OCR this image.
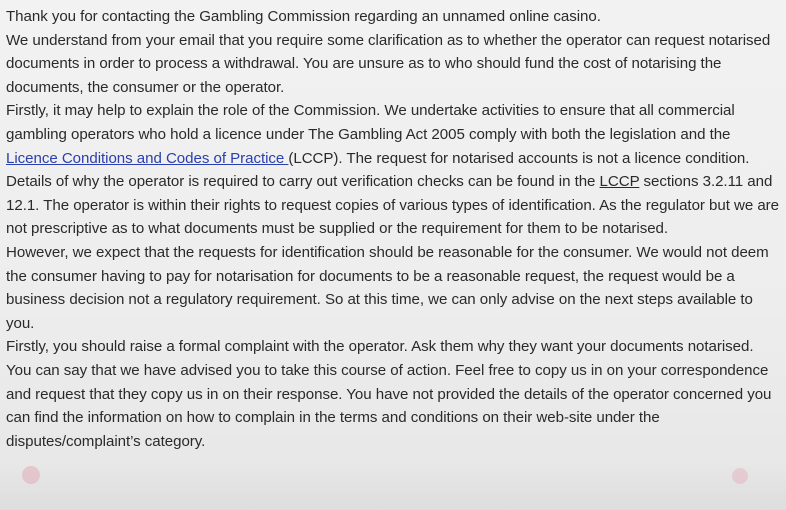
Thank you for contacting the Gambling Commission regarding an unnamed online casino.

We understand from your email that you require some clarification as to whether the operator can request notarised documents in order to process a withdrawal. You are unsure as to who should fund the cost of notarising the documents, the consumer or the operator.

Firstly, it may help to explain the role of the Commission. We undertake activities to ensure that all commercial gambling operators who hold a licence under The Gambling Act 2005 comply with both the legislation and the Licence Conditions and Codes of Practice (LCCP). The request for notarised accounts is not a licence condition.

Details of why the operator is required to carry out verification checks can be found in the LCCP sections 3.2.11 and 12.1. The operator is within their rights to request copies of various types of identification. As the regulator but we are not prescriptive as to what documents must be supplied or the requirement for them to be notarised.

However, we expect that the requests for identification should be reasonable for the consumer. We would not deem the consumer having to pay for notarisation for documents to be a reasonable request, the request would be a business decision not a regulatory requirement. So at this time, we can only advise on the next steps available to you.

Firstly, you should raise a formal complaint with the operator. Ask them why they want your documents notarised. You can say that we have advised you to take this course of action. Feel free to copy us in on your correspondence and request that they copy us in on their response. You have not provided the details of the operator concerned you can find the information on how to complain in the terms and conditions on their web-site under the disputes/complaint’s category.
